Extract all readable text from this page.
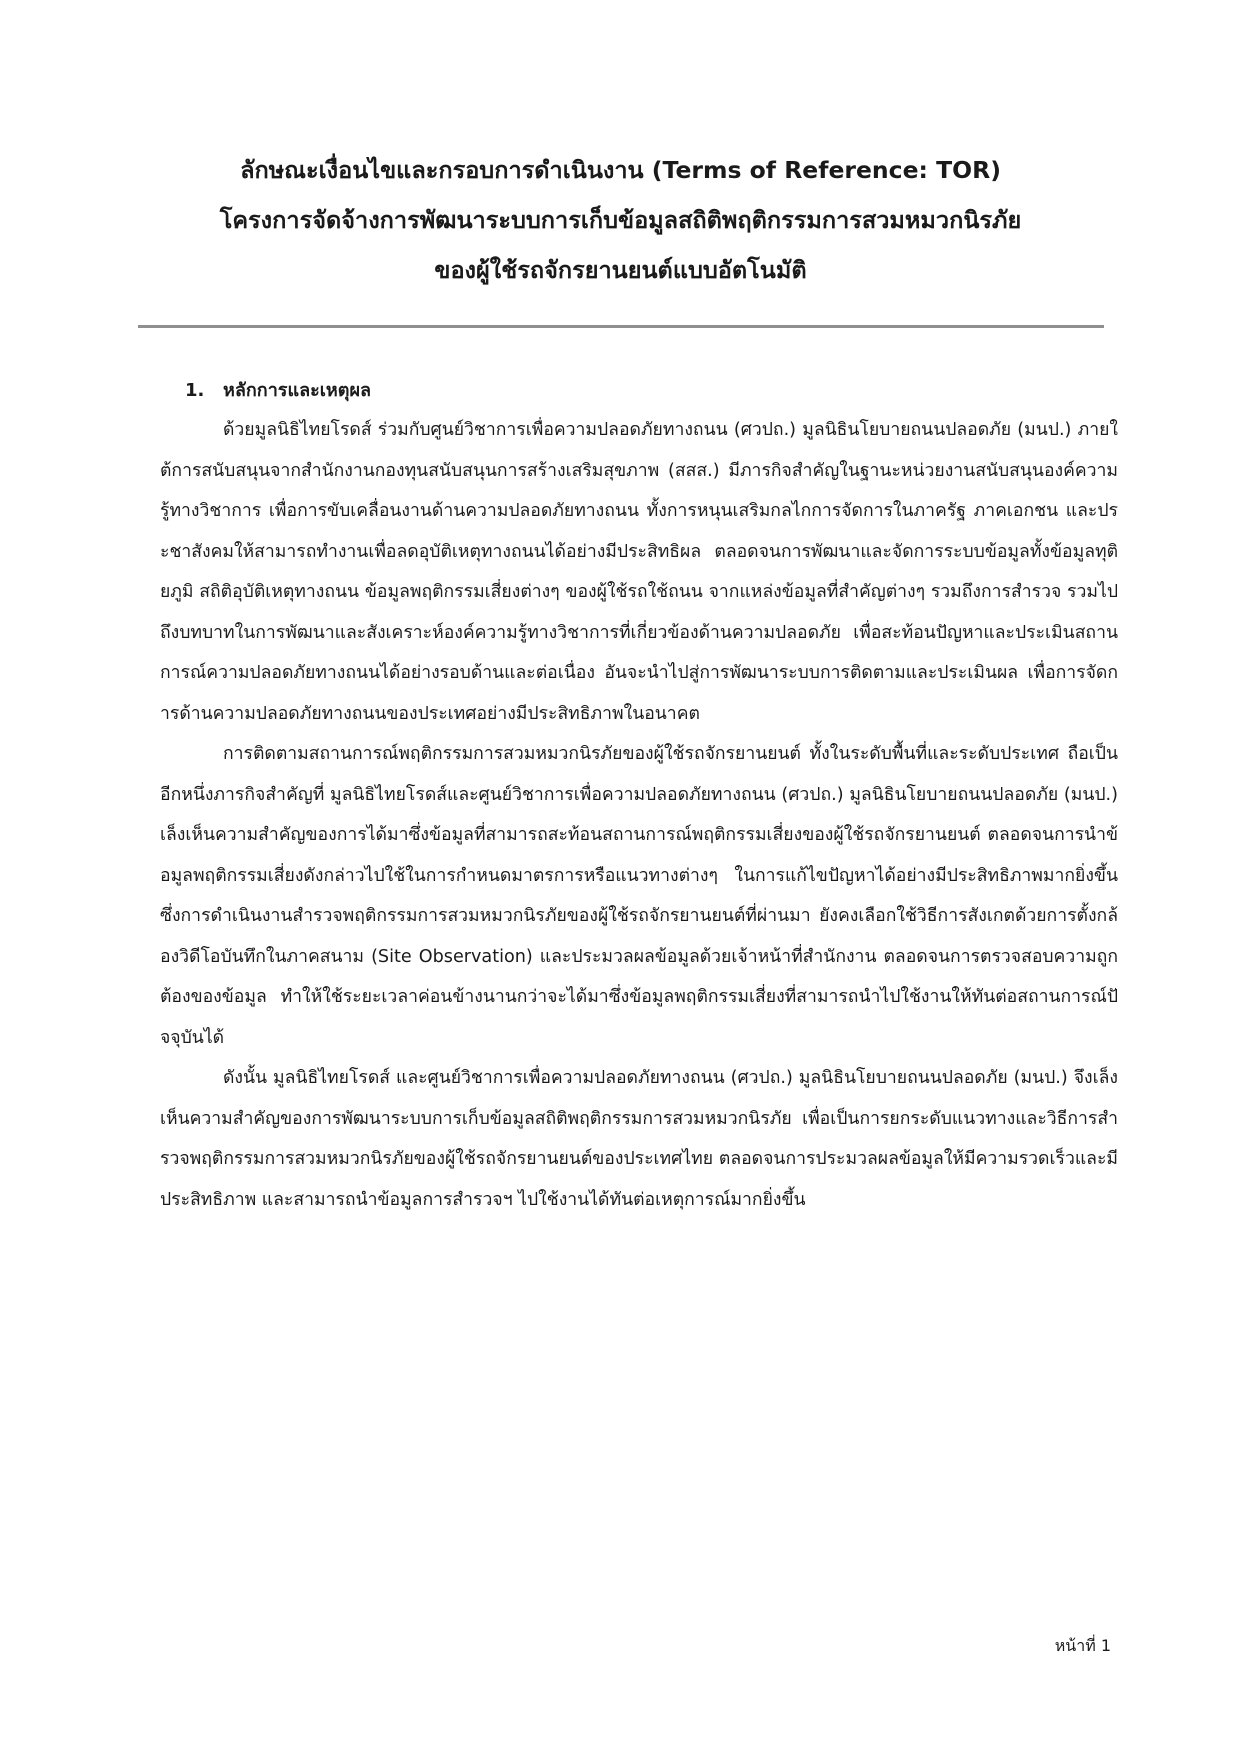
ลักษณะเงื่อนไขและกรอบการดำเนินงาน (Terms of Reference: TOR)
โครงการจัดจ้างการพัฒนาระบบการเก็บข้อมูลสถิติพฤติกรรมการสวมหมวกนิรภัย
ของผู้ใช้รถจักรยานยนต์แบบอัตโนมัติ
1. หลักการและเหตุผล

ด้วยมูลนิธิไทยโรดส์ ร่วมกับศูนย์วิชาการเพื่อความปลอดภัยทางถนน (ศวปถ.) มูลนิธินโยบายถนนปลอดภัย (มนป.) ภายใต้การสนับสนุนจากสำนักงานกองทุนสนับสนุนการสร้างเสริมสุขภาพ (สสส.) มีภารกิจสำคัญในฐานะหน่วยงานสนับสนุนองค์ความรู้ทางวิชาการ เพื่อการขับเคลื่อนงานด้านความปลอดภัยทางถนน ทั้งการหนุนเสริมกลไกการจัดการในภาครัฐ ภาคเอกชน และประชาสังคมให้สามารถทำงานเพื่อลดอุบัติเหตุทางถนนได้อย่างมีประสิทธิผล ตลอดจนการพัฒนาและจัดการระบบข้อมูลทั้งข้อมูลทุติยภูมิ สถิติอุบัติเหตุทางถนน ข้อมูลพฤติกรรมเสี่ยงต่างๆ ของผู้ใช้รถใช้ถนน จากแหล่งข้อมูลที่สำคัญต่างๆ รวมถึงการสำรวจ รวมไปถึงบทบาทในการพัฒนาและสังเคราะห์องค์ความรู้ทางวิชาการที่เกี่ยวข้องด้านความปลอดภัย เพื่อสะท้อนปัญหาและประเมินสถานการณ์ความปลอดภัยทางถนนได้อย่างรอบด้านและต่อเนื่อง อันจะนำไปสู่การพัฒนาระบบการติดตามและประเมินผล เพื่อการจัดการด้านความปลอดภัยทางถนนของประเทศอย่างมีประสิทธิภาพในอนาคต

การติดตามสถานการณ์พฤติกรรมการสวมหมวกนิรภัยของผู้ใช้รถจักรยานยนต์ ทั้งในระดับพื้นที่และระดับประเทศ ถือเป็นอีกหนึ่งภารกิจสำคัญที่ มูลนิธิไทยโรดส์และศูนย์วิชาการเพื่อความปลอดภัยทางถนน (ศวปถ.) มูลนิธินโยบายถนนปลอดภัย (มนป.) เล็งเห็นความสำคัญของการได้มาซึ่งข้อมูลที่สามารถสะท้อนสถานการณ์พฤติกรรมเสี่ยงของผู้ใช้รถจักรยานยนต์ ตลอดจนการนำข้อมูลพฤติกรรมเสี่ยงดังกล่าวไปใช้ในการกำหนดมาตรการหรือแนวทางต่างๆ ในการแก้ไขปัญหาได้อย่างมีประสิทธิภาพมากยิ่งขึ้น ซึ่งการดำเนินงานสำรวจพฤติกรรมการสวมหมวกนิรภัยของผู้ใช้รถจักรยานยนต์ที่ผ่านมา ยังคงเลือกใช้วิธีการสังเกตด้วยการตั้งกล้องวิดีโอบันทึกในภาคสนาม (Site Observation) และประมวลผลข้อมูลด้วยเจ้าหน้าที่สำนักงาน ตลอดจนการตรวจสอบความถูกต้องของข้อมูล ทำให้ใช้ระยะเวลาค่อนข้างนานกว่าจะได้มาซึ่งข้อมูลพฤติกรรมเสี่ยงที่สามารถนำไปใช้งานให้ทันต่อสถานการณ์ปัจจุบันได้

ดังนั้น มูลนิธิไทยโรดส์ และศูนย์วิชาการเพื่อความปลอดภัยทางถนน (ศวปถ.) มูลนิธินโยบายถนนปลอดภัย (มนป.) จึงเล็งเห็นความสำคัญของการพัฒนาระบบการเก็บข้อมูลสถิติพฤติกรรมการสวมหมวกนิรภัย เพื่อเป็นการยกระดับแนวทางและวิธีการสำรวจพฤติกรรมการสวมหมวกนิรภัยของผู้ใช้รถจักรยานยนต์ของประเทศไทย ตลอดจนการประมวลผลข้อมูลให้มีความรวดเร็วและมีประสิทธิภาพ และสามารถนำข้อมูลการสำรวจฯ ไปใช้งานได้ทันต่อเหตุการณ์มากยิ่งขึ้น

หน้าที่ 1
